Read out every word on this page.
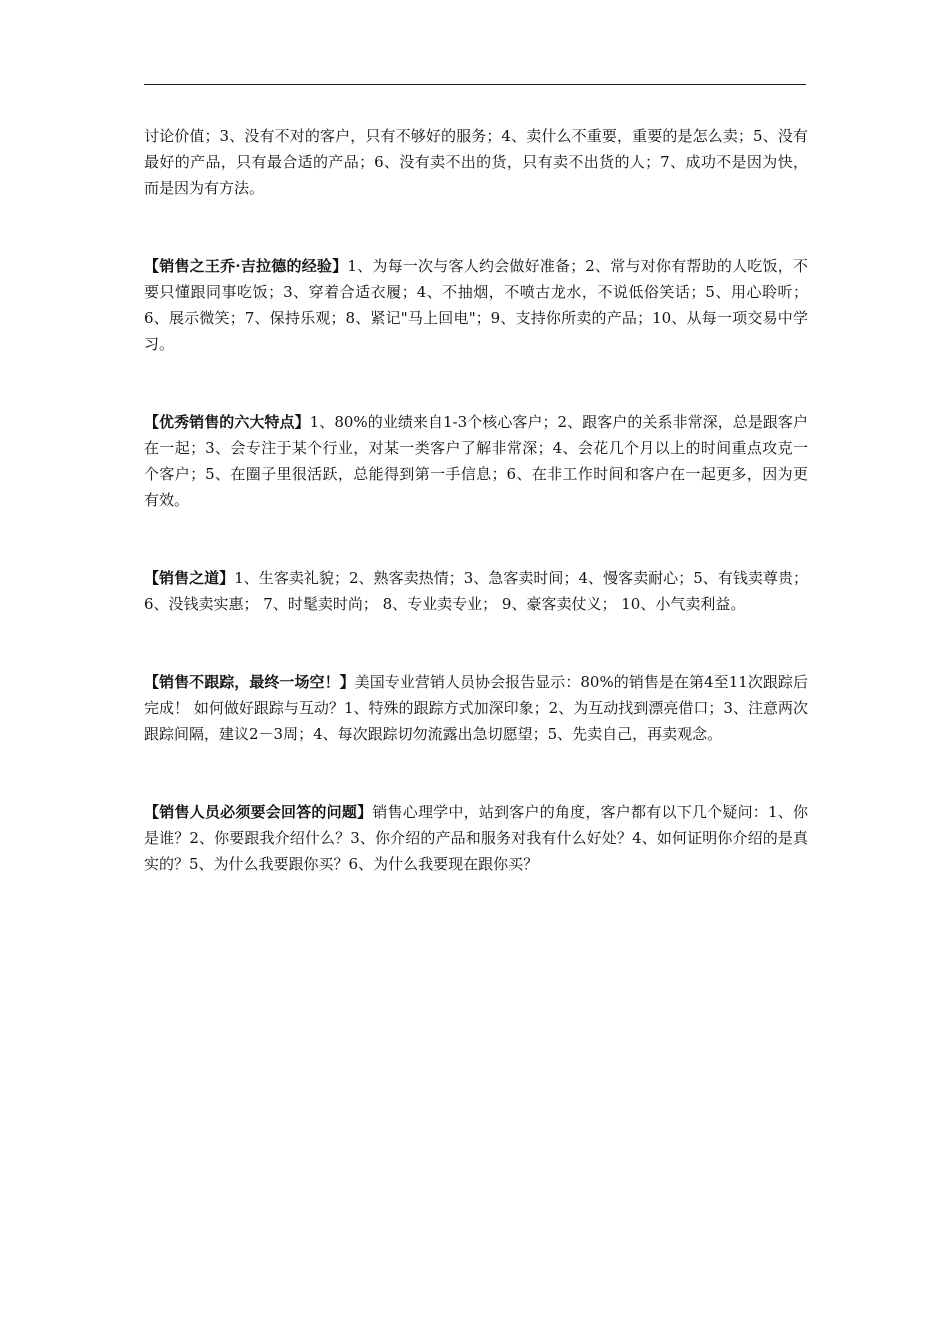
讨论价值；3、没有不对的客户，只有不够好的服务；4、卖什么不重要，重要的是怎么卖；5、没有最好的产品，只有最合适的产品；6、没有卖不出的货，只有卖不出货的人；7、成功不是因为快，而是因为有方法。

【销售之王乔·吉拉德的经验】1、为每一次与客人约会做好准备；2、常与对你有帮助的人吃饭，不要只懂跟同事吃饭；3、穿着合适衣履；4、不抽烟，不喷古龙水，不说低俗笑话；5、用心聆听；6、展示微笑；7、保持乐观；8、紧记"马上回电"；9、支持你所卖的产品；10、从每一项交易中学习。

【优秀销售的六大特点】1、80%的业绩来自1-3个核心客户；2、跟客户的关系非常深，总是跟客户在一起；3、会专注于某个行业，对某一类客户了解非常深；4、会花几个月以上的时间重点攻克一个客户；5、在圈子里很活跃，总能得到第一手信息；6、在非工作时间和客户在一起更多，因为更有效。

【销售之道】1、生客卖礼貌；2、熟客卖热情；3、急客卖时间；4、慢客卖耐心；5、有钱卖尊贵；6、没钱卖实惠； 7、时髦卖时尚； 8、专业卖专业； 9、豪客卖仗义； 10、小气卖利益。

【销售不跟踪，最终一场空！】美国专业营销人员协会报告显示：80%的销售是在第4至11次跟踪后完成！ 如何做好跟踪与互动？1、特殊的跟踪方式加深印象；2、为互动找到漂亮借口；3、注意两次跟踪间隔，建议2－3周；4、每次跟踪切勿流露出急切愿望；5、先卖自己，再卖观念。

【销售人员必须要会回答的问题】销售心理学中，站到客户的角度，客户都有以下几个疑问：1、你是谁？2、你要跟我介绍什么？3、你介绍的产品和服务对我有什么好处？4、如何证明你介绍的是真实的？5、为什么我要跟你买？6、为什么我要现在跟你买？
